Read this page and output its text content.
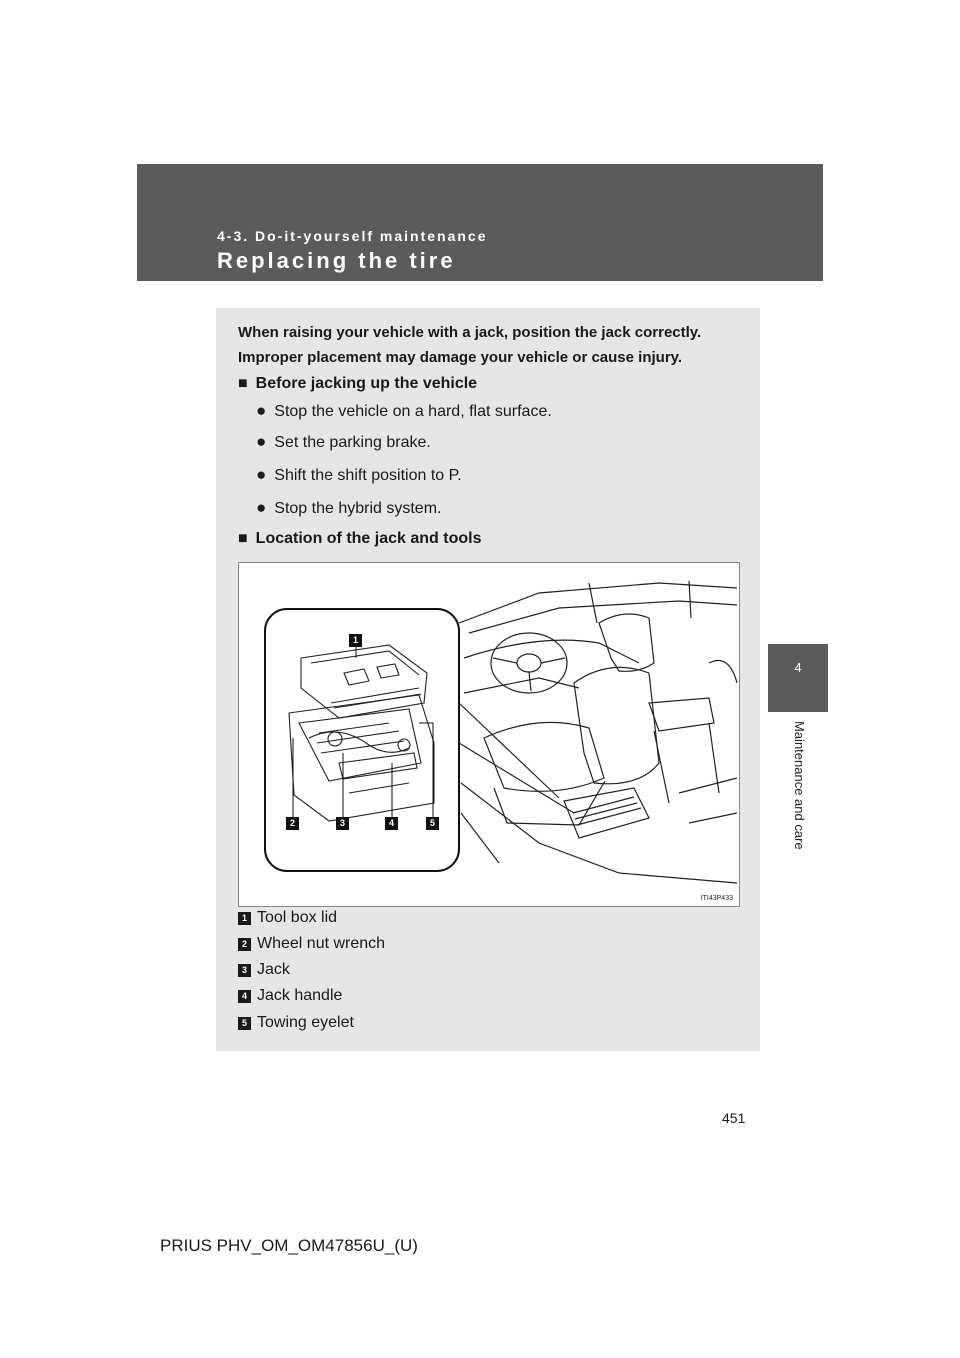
4-3. Do-it-yourself maintenance
Replacing the tire
4
Maintenance and care
When raising your vehicle with a jack, position the jack correctly. Improper placement may damage your vehicle or cause injury.
■ Before jacking up the vehicle
● Stop the vehicle on a hard, flat surface.
● Set the parking brake.
● Shift the shift position to P.
● Stop the hybrid system.
■ Location of the jack and tools
1
2	3	4	5
ITI43P433
1 Tool box lid
2 Wheel nut wrench
3 Jack
4 Jack handle
5 Towing eyelet
451
PRIUS PHV_OM_OM47856U_(U)
